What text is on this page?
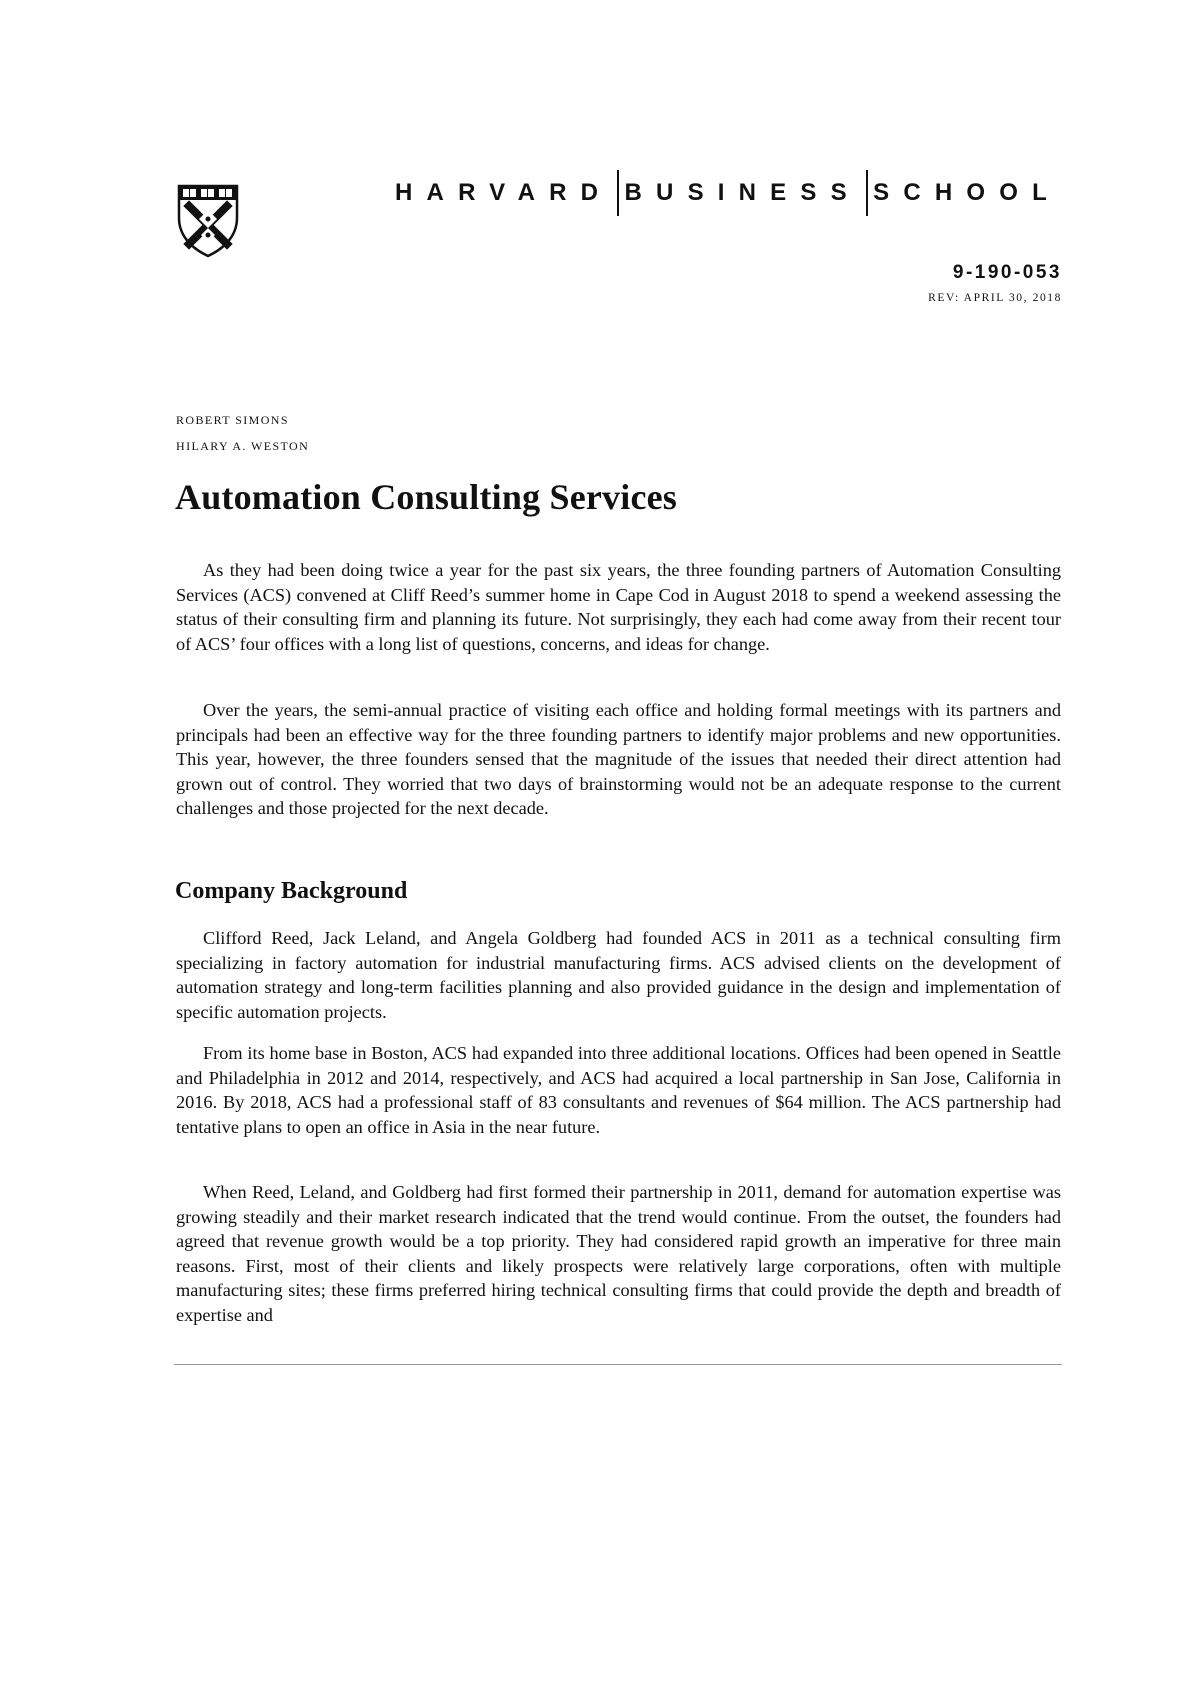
HARVARD BUSINESS SCHOOL
9-190-053
REV: APRIL 30, 2018
ROBERT SIMONS
HILARY A. WESTON
Automation Consulting Services

As they had been doing twice a year for the past six years, the three founding partners of Automation Consulting Services (ACS) convened at Cliff Reed’s summer home in Cape Cod in August 2018 to spend a weekend assessing the status of their consulting firm and planning its future. Not surprisingly, they each had come away from their recent tour of ACS’ four offices with a long list of questions, concerns, and ideas for change.

Over the years, the semi-annual practice of visiting each office and holding formal meetings with its partners and principals had been an effective way for the three founding partners to identify major problems and new opportunities. This year, however, the three founders sensed that the magnitude of the issues that needed their direct attention had grown out of control. They worried that two days of brainstorming would not be an adequate response to the current challenges and those projected for the next decade.

Company Background

Clifford Reed, Jack Leland, and Angela Goldberg had founded ACS in 2011 as a technical consulting firm specializing in factory automation for industrial manufacturing firms. ACS advised clients on the development of automation strategy and long-term facilities planning and also provided guidance in the design and implementation of specific automation projects.

From its home base in Boston, ACS had expanded into three additional locations. Offices had been opened in Seattle and Philadelphia in 2012 and 2014, respectively, and ACS had acquired a local partnership in San Jose, California in 2016. By 2018, ACS had a professional staff of 83 consultants and revenues of $64 million. The ACS partnership had tentative plans to open an office in Asia in the near future.

When Reed, Leland, and Goldberg had first formed their partnership in 2011, demand for automation expertise was growing steadily and their market research indicated that the trend would continue. From the outset, the founders had agreed that revenue growth would be a top priority. They had considered rapid growth an imperative for three main reasons. First, most of their clients and likely prospects were relatively large corporations, often with multiple manufacturing sites; these firms preferred hiring technical consulting firms that could provide the depth and breadth of expertise and
